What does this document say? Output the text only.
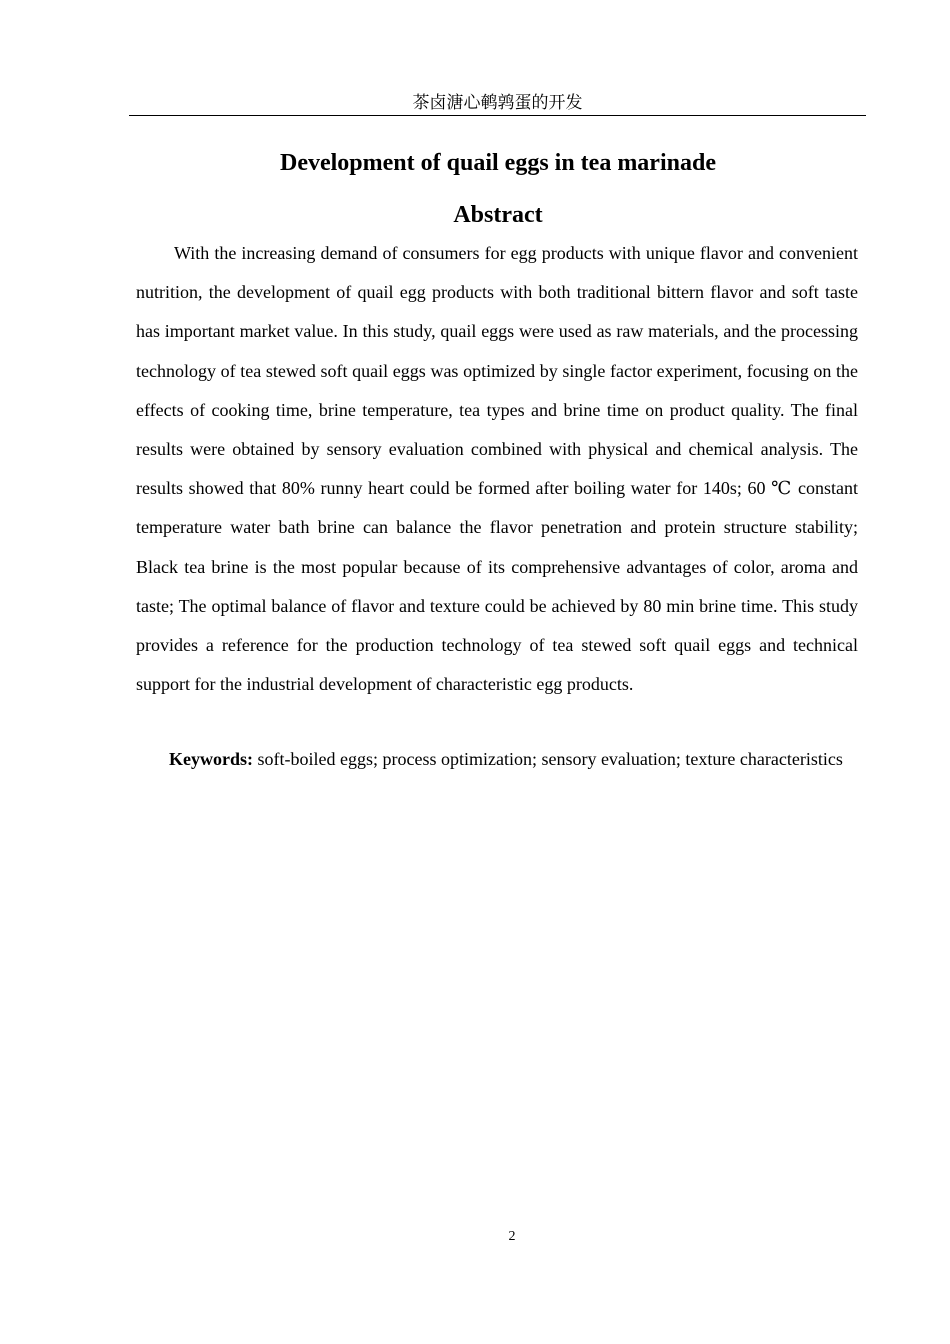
茶卤溏心鹌鹑蛋的开发
Development of quail eggs in tea marinade
Abstract

With the increasing demand of consumers for egg products with unique flavor and convenient nutrition, the development of quail egg products with both traditional bittern flavor and soft taste has important market value. In this study, quail eggs were used as raw materials, and the processing technology of tea stewed soft quail eggs was optimized by single factor experiment, focusing on the effects of cooking time, brine temperature, tea types and brine time on product quality. The final results were obtained by sensory evaluation combined with physical and chemical analysis. The results showed that 80% runny heart could be formed after boiling water for 140s; 60 ℃ constant temperature water bath brine can balance the flavor penetration and protein structure stability; Black tea brine is the most popular because of its comprehensive advantages of color, aroma and taste; The optimal balance of flavor and texture could be achieved by 80 min brine time. This study provides a reference for the production technology of tea stewed soft quail eggs and technical support for the industrial development of characteristic egg products.

Keywords: soft-boiled eggs; process optimization; sensory evaluation; texture characteristics

2
